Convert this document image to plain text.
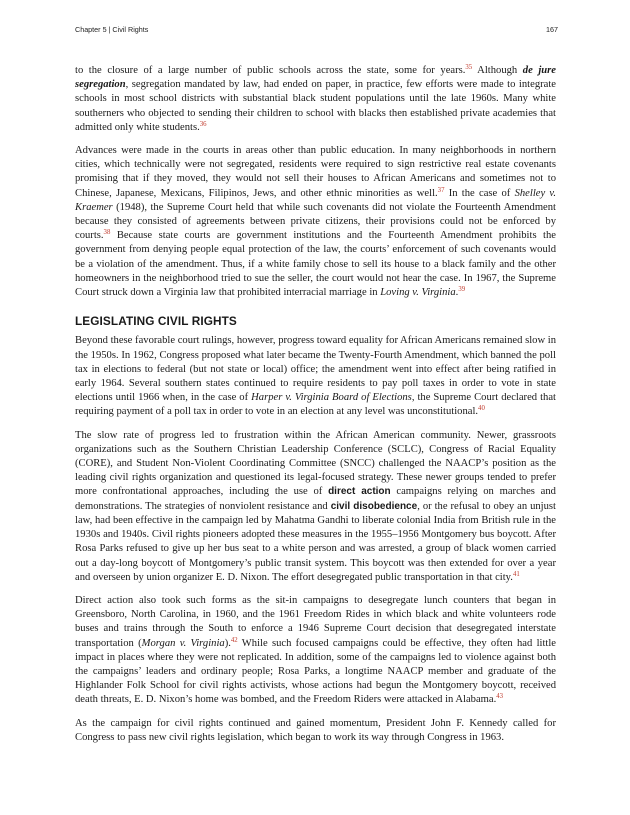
Chapter 5 | Civil Rights	167

to the closure of a large number of public schools across the state, some for years.$^{35}$ Although de jure segregation, segregation mandated by law, had ended on paper, in practice, few efforts were made to integrate schools in most school districts with substantial black student populations until the late 1960s. Many white southerners who objected to sending their children to school with blacks then established private academies that admitted only white students.$^{36}$

Advances were made in the courts in areas other than public education. In many neighborhoods in northern cities, which technically were not segregated, residents were required to sign restrictive real estate covenants promising that if they moved, they would not sell their houses to African Americans and sometimes not to Chinese, Japanese, Mexicans, Filipinos, Jews, and other ethnic minorities as well.$^{37}$ In the case of Shelley v. Kraemer (1948), the Supreme Court held that while such covenants did not violate the Fourteenth Amendment because they consisted of agreements between private citizens, their provisions could not be enforced by courts.$^{38}$ Because state courts are government institutions and the Fourteenth Amendment prohibits the government from denying people equal protection of the law, the courts’ enforcement of such covenants would be a violation of the amendment. Thus, if a white family chose to sell its house to a black family and the other homeowners in the neighborhood tried to sue the seller, the court would not hear the case. In 1967, the Supreme Court struck down a Virginia law that prohibited interracial marriage in Loving v. Virginia.$^{39}$

LEGISLATING CIVIL RIGHTS

Beyond these favorable court rulings, however, progress toward equality for African Americans remained slow in the 1950s. In 1962, Congress proposed what later became the Twenty-Fourth Amendment, which banned the poll tax in elections to federal (but not state or local) office; the amendment went into effect after being ratified in early 1964. Several southern states continued to require residents to pay poll taxes in order to vote in state elections until 1966 when, in the case of Harper v. Virginia Board of Elections, the Supreme Court declared that requiring payment of a poll tax in order to vote in an election at any level was unconstitutional.$^{40}$

The slow rate of progress led to frustration within the African American community. Newer, grassroots organizations such as the Southern Christian Leadership Conference (SCLC), Congress of Racial Equality (CORE), and Student Non-Violent Coordinating Committee (SNCC) challenged the NAACP’s position as the leading civil rights organization and questioned its legal-focused strategy. These newer groups tended to prefer more confrontational approaches, including the use of direct action campaigns relying on marches and demonstrations. The strategies of nonviolent resistance and civil disobedience, or the refusal to obey an unjust law, had been effective in the campaign led by Mahatma Gandhi to liberate colonial India from British rule in the 1930s and 1940s. Civil rights pioneers adopted these measures in the 1955–1956 Montgomery bus boycott. After Rosa Parks refused to give up her bus seat to a white person and was arrested, a group of black women carried out a day-long boycott of Montgomery’s public transit system. This boycott was then extended for over a year and overseen by union organizer E. D. Nixon. The effort desegregated public transportation in that city.$^{41}$

Direct action also took such forms as the sit-in campaigns to desegregate lunch counters that began in Greensboro, North Carolina, in 1960, and the 1961 Freedom Rides in which black and white volunteers rode buses and trains through the South to enforce a 1946 Supreme Court decision that desegregated interstate transportation (Morgan v. Virginia).$^{42}$ While such focused campaigns could be effective, they often had little impact in places where they were not replicated. In addition, some of the campaigns led to violence against both the campaigns’ leaders and ordinary people; Rosa Parks, a longtime NAACP member and graduate of the Highlander Folk School for civil rights activists, whose actions had begun the Montgomery boycott, received death threats, E. D. Nixon’s home was bombed, and the Freedom Riders were attacked in Alabama.$^{43}$

As the campaign for civil rights continued and gained momentum, President John F. Kennedy called for Congress to pass new civil rights legislation, which began to work its way through Congress in 1963.
